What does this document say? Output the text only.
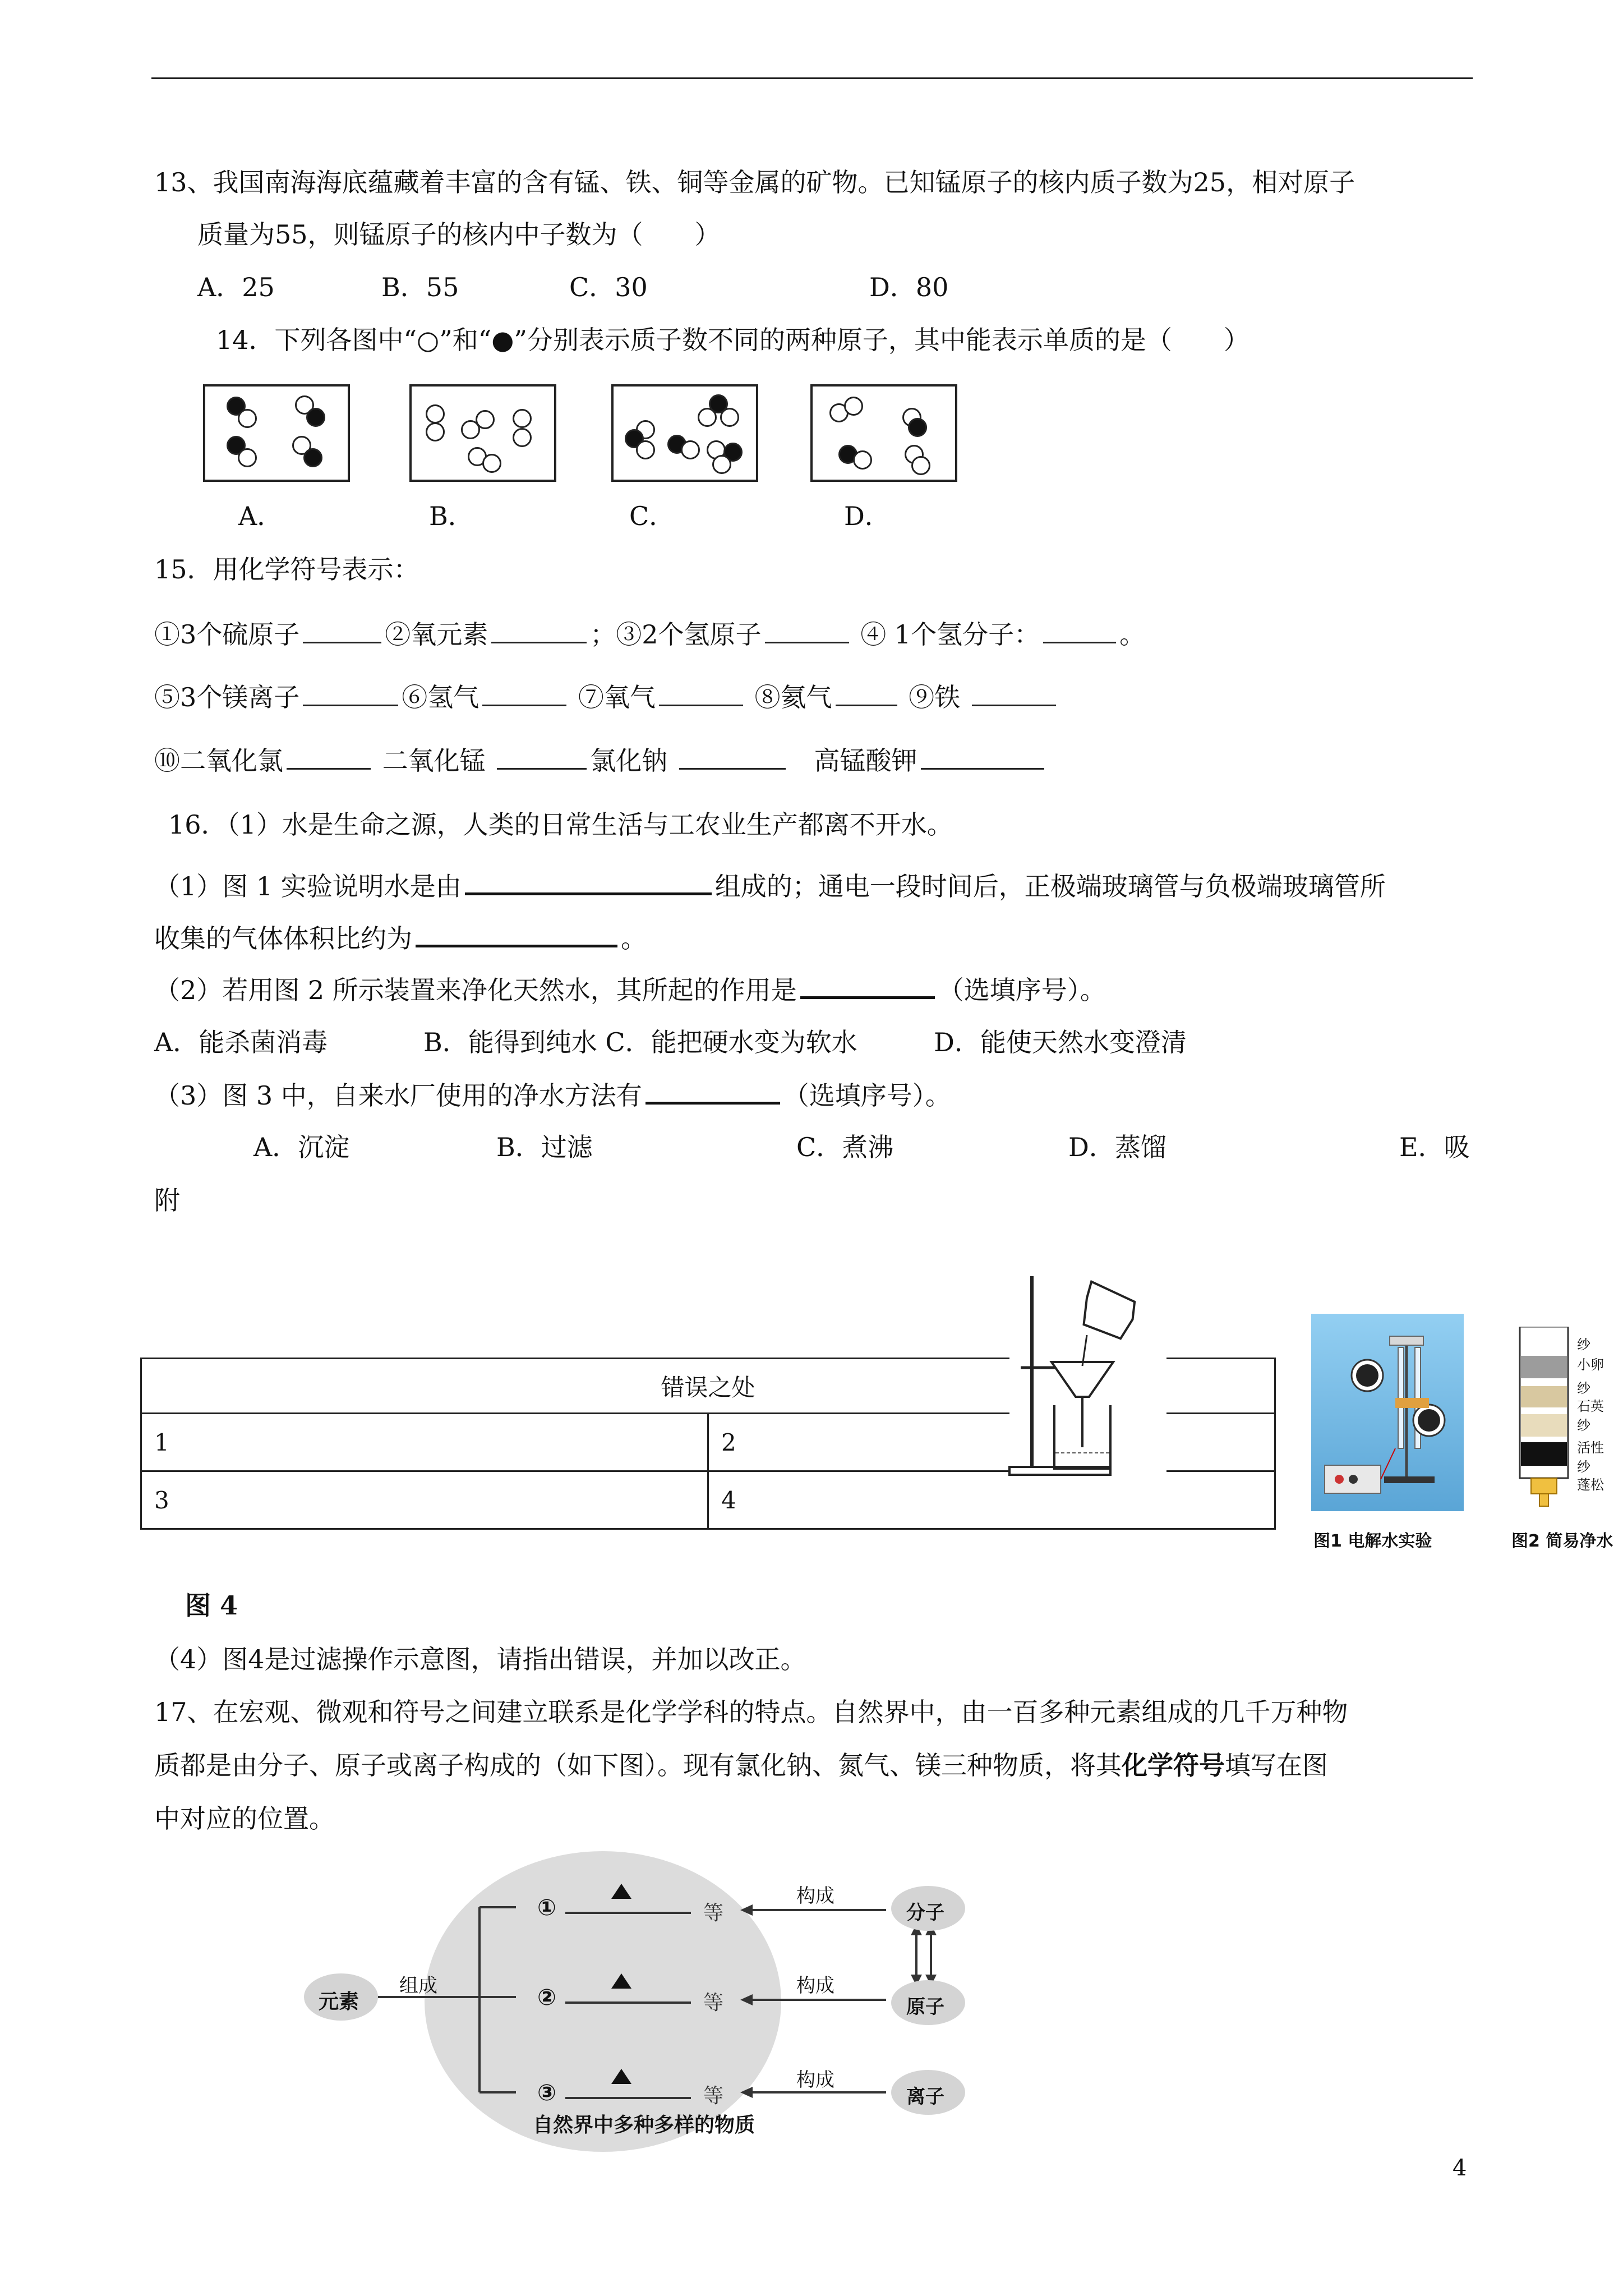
13、我国南海海底蕴藏着丰富的含有锰、铁、铜等金属的矿物。已知锰原子的核内质子数为25，相对原子
质量为55，则锰原子的核内中子数为（　　）
A．25	B．55	C．30	D．80
14．下列各图中“○”和“●”分别表示质子数不同的两种原子，其中能表示单质的是（　　）
A．	B．	C．	D．
15．用化学符号表示：
①3个硫原子	②氧元素	；③2个氢原子	④ 1个氢分子：	。
⑤3个镁离子	⑥氢气	⑦氧气	⑧氦气	⑨铁
⑩二氧化氯	二氧化锰	氯化钠	高锰酸钾
16．（1）水是生命之源，人类的日常生活与工农业生产都离不开水。
（1）图 1 实验说明水是由	组成的；通电一段时间后，正极端玻璃管与负极端玻璃管所
收集的气体体积比约为	。
（2）若用图 2 所示装置来净化天然水，其所起的作用是	（选填序号）。
A．能杀菌消毒	B．能得到纯水 C．能把硬水变为软水	D．能使天然水变澄清
（3）图 3 中，自来水厂使用的净水方法有	（选填序号）。
A．沉淀	B．过滤	C．煮沸	D．蒸馏	E．吸
附
错误之处	
1	2
3	4
图1 电解水实验
纱
小卵
纱
石英
纱
活性
纱
蓬松
图2 简易净水
图 4
（4）图4是过滤操作示意图，请指出错误，并加以改正。
17、在宏观、微观和符号之间建立联系是化学学科的特点。自然界中，由一百多种元素组成的几千万种物
质都是由分子、原子或离子构成的（如下图）。现有氯化钠、氮气、镁三种物质，将其化学符号填写在图
中对应的位置。
元素
组成
①
②
③
等
等
等
构成
构成
构成
分子
原子
离子
自然界中多种多样的物质
4
